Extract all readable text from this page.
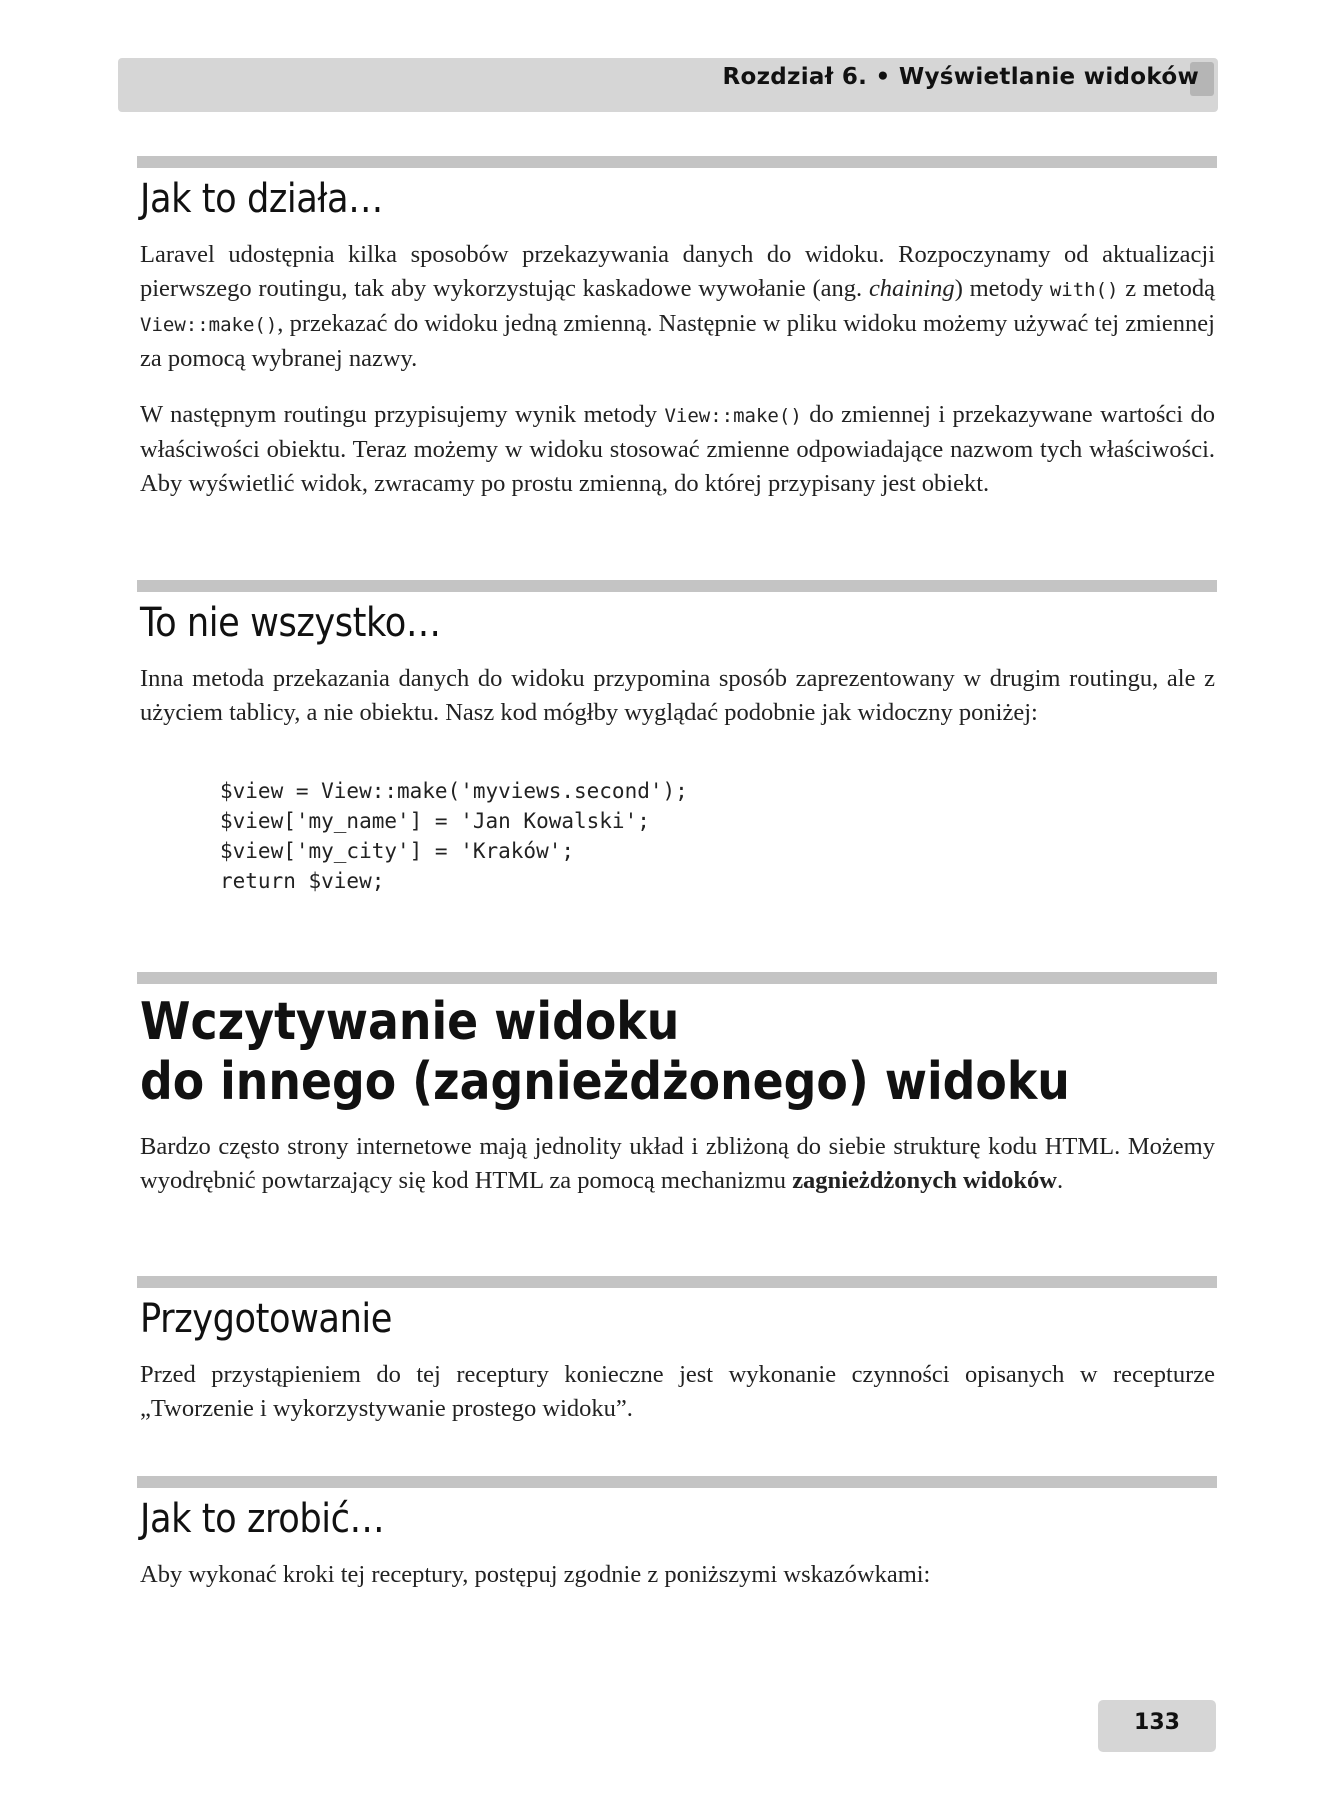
Rozdział 6. • Wyświetlanie widoków
Jak to działa…

Laravel udostępnia kilka sposobów przekazywania danych do widoku. Rozpoczynamy od aktualizacji pierwszego routingu, tak aby wykorzystując kaskadowe wywołanie (ang. chaining) metody with() z metodą View::make(), przekazać do widoku jedną zmienną. Następnie w pliku widoku możemy używać tej zmiennej za pomocą wybranej nazwy.

W następnym routingu przypisujemy wynik metody View::make() do zmiennej i przekazywane wartości do właściwości obiektu. Teraz możemy w widoku stosować zmienne odpowiadające nazwom tych właściwości. Aby wyświetlić widok, zwracamy po prostu zmienną, do której przypisany jest obiekt.

To nie wszystko…

Inna metoda przekazania danych do widoku przypomina sposób zaprezentowany w drugim routingu, ale z użyciem tablicy, a nie obiektu. Nasz kod mógłby wyglądać podobnie jak widoczny poniżej:

$view = View::make('myviews.second');
$view['my_name'] = 'Jan Kowalski';
$view['my_city'] = 'Kraków';
return $view;
Wczytywanie widoku
do innego (zagnieżdżonego) widoku

Bardzo często strony internetowe mają jednolity układ i zbliżoną do siebie strukturę kodu HTML. Możemy wyodrębnić powtarzający się kod HTML za pomocą mechanizmu zagnieżdżonych widoków.

Przygotowanie

Przed przystąpieniem do tej receptury konieczne jest wykonanie czynności opisanych w recepturze „Tworzenie i wykorzystywanie prostego widoku”.

Jak to zrobić…

Aby wykonać kroki tej receptury, postępuj zgodnie z poniższymi wskazówkami:

133
